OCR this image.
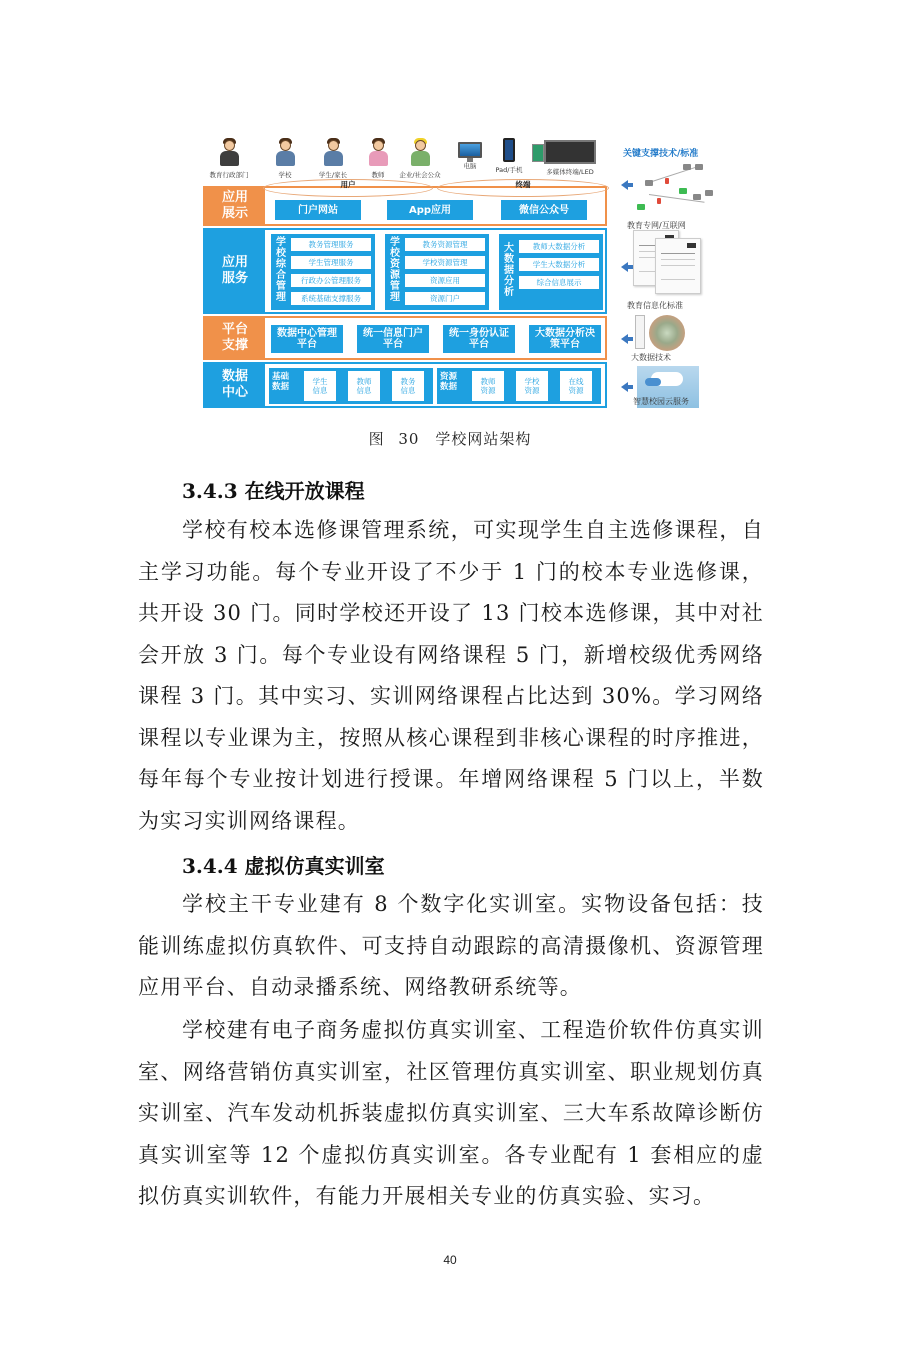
教育行政部门	学校	学生/家长	教师	企业/社会公众
电脑	Pad/手机	多媒体终端/LED
应用展示
用户	终端
门户网站	App应用	微信公众号
应用服务
学校综合管理
教务管理服务
学生管理服务
行政办公管理服务
系统基础支撑服务
学校资源管理
教务资源管理
学校资源管理
资源应用
资源门户
大数据分析
教师大数据分析
学生大数据分析
综合信息展示
平台支撑
数据中心管理平台
统一信息门户平台
统一身份认证平台
大数据分析决策平台
数据中心
基础数据
学生信息
教师信息
教务信息
资源数据
教师资源
学校资源
在线资源
关键支撑技术/标准
教育专网/互联网
教育信息化标准
大数据技术
智慧校园云服务
图 30　学校网站架构
3.4.3 在线开放课程
学校有校本选修课管理系统，可实现学生自主选修课程，自主学习功能。每个专业开设了不少于 1 门的校本专业选修课，共开设 30 门。同时学校还开设了 13 门校本选修课，其中对社会开放 3 门。每个专业设有网络课程 5 门，新增校级优秀网络课程 3 门。其中实习、实训网络课程占比达到 30%。学习网络课程以专业课为主，按照从核心课程到非核心课程的时序推进，每年每个专业按计划进行授课。年增网络课程 5 门以上，半数为实习实训网络课程。
3.4.4 虚拟仿真实训室
学校主干专业建有 8 个数字化实训室。实物设备包括：技能训练虚拟仿真软件、可支持自动跟踪的高清摄像机、资源管理应用平台、自动录播系统、网络教研系统等。
学校建有电子商务虚拟仿真实训室、工程造价软件仿真实训室、网络营销仿真实训室，社区管理仿真实训室、职业规划仿真实训室、汽车发动机拆装虚拟仿真实训室、三大车系故障诊断仿真实训室等 12 个虚拟仿真实训室。各专业配有 1 套相应的虚拟仿真实训软件，有能力开展相关专业的仿真实验、实习。
40
